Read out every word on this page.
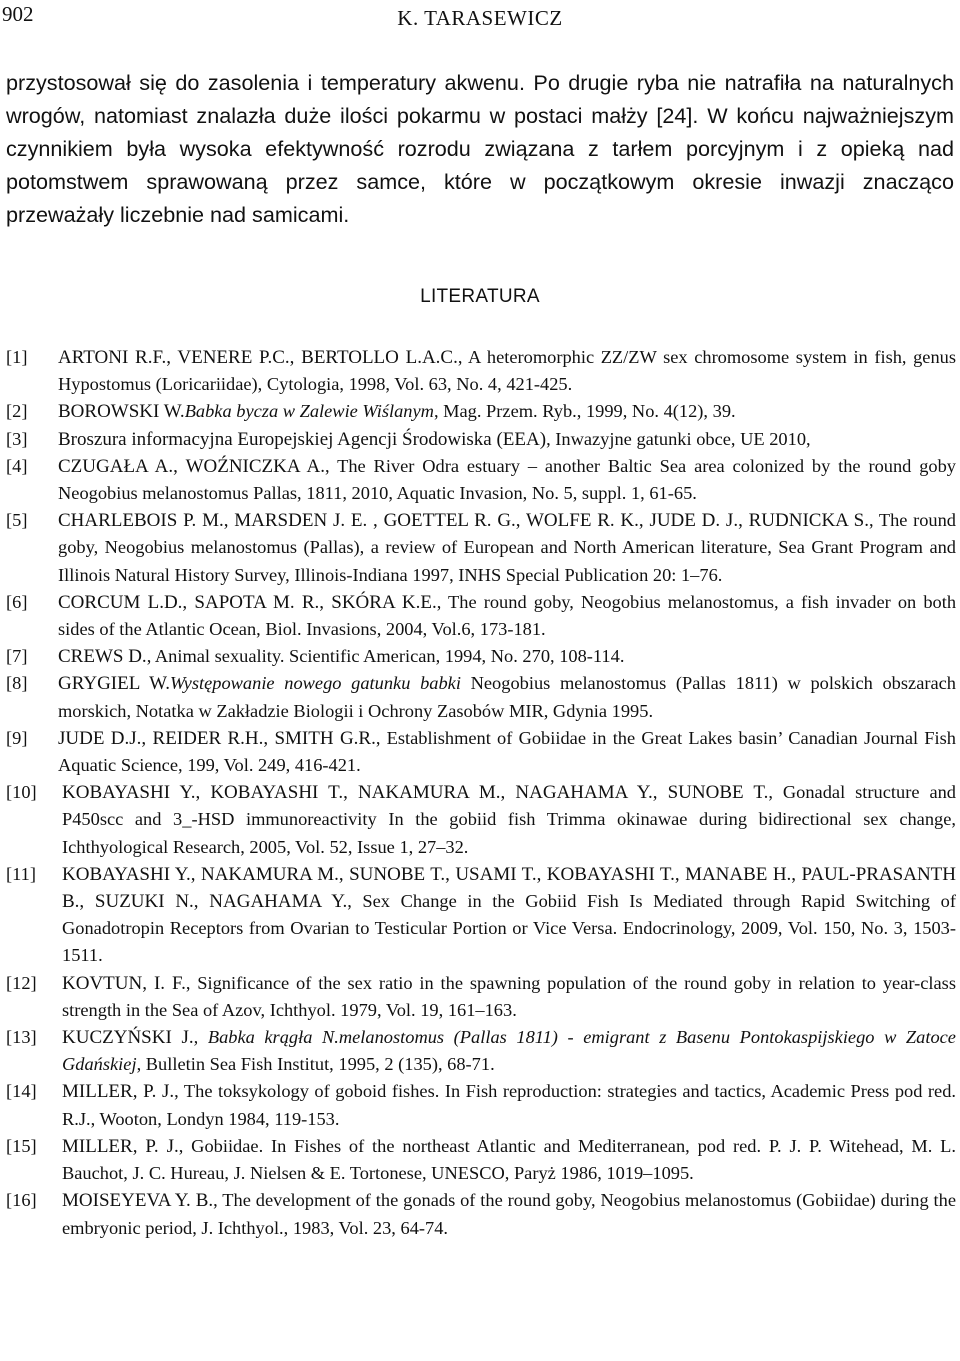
902	K. TARASEWICZ

przystosował się do zasolenia i temperatury akwenu. Po drugie ryba nie natrafiła na naturalnych wrogów, natomiast znalazła duże ilości pokarmu w postaci małży [24]. W końcu najważniejszym czynnikiem była wysoka efektywność rozrodu związana z tarłem porcyjnym i z opieką nad potomstwem sprawowaną przez samce, które w początkowym okresie inwazji znacząco przeważały liczebnie nad samicami.

LITERATURA
[1] ARTONI R.F., VENERE P.C., BERTOLLO L.A.C., A heteromorphic ZZ/ZW sex chromosome system in fish, genus Hypostomus (Loricariidae), Cytologia, 1998, Vol. 63, No. 4, 421-425.
[2] BOROWSKI W.Babka bycza w Zalewie Wiślanym, Mag. Przem. Ryb., 1999, No. 4(12), 39.
[3] Broszura informacyjna Europejskiej Agencji Środowiska (EEA), Inwazyjne gatunki obce, UE 2010,
[4] CZUGAŁA A., WOŹNICZKA A., The River Odra estuary – another Baltic Sea area colonized by the round goby Neogobius melanostomus Pallas, 1811, 2010, Aquatic Invasion, No. 5, suppl. 1, 61-65.
[5] CHARLEBOIS P. M., MARSDEN J. E. , GOETTEL R. G., WOLFE R. K., JUDE D. J., RUDNICKA S., The round goby, Neogobius melanostomus (Pallas), a review of European and North American literature, Sea Grant Program and Illinois Natural History Survey, Illinois-Indiana 1997, INHS Special Publication 20: 1–76.
[6] CORCUM L.D., SAPOTA M. R., SKÓRA K.E., The round goby, Neogobius melanostomus, a fish invader on both sides of the Atlantic Ocean, Biol. Invasions, 2004, Vol.6, 173-181.
[7] CREWS D., Animal sexuality. Scientific American, 1994, No. 270, 108-114.
[8] GRYGIEL W.Występowanie nowego gatunku babki Neogobius melanostomus (Pallas 1811) w polskich obszarach morskich, Notatka w Zakładzie Biologii i Ochrony Zasobów MIR, Gdynia 1995.
[9] JUDE D.J., REIDER R.H., SMITH G.R., Establishment of Gobiidae in the Great Lakes basin’ Canadian Journal Fish Aquatic Science, 199, Vol. 249, 416-421.
[10] KOBAYASHI Y., KOBAYASHI T., NAKAMURA M., NAGAHAMA Y., SUNOBE T., Gonadal structure and P450scc and 3_-HSD immunoreactivity In the gobiid fish Trimma okinawae during bidirectional sex change, Ichthyological Research, 2005, Vol. 52, Issue 1, 27–32.
[11] KOBAYASHI Y., NAKAMURA M., SUNOBE T., USAMI T., KOBAYASHI T., MANABE H., PAUL-PRASANTH B., SUZUKI N., NAGAHAMA Y., Sex Change in the Gobiid Fish Is Mediated through Rapid Switching of Gonadotropin Receptors from Ovarian to Testicular Portion or Vice Versa. Endocrinology, 2009, Vol. 150, No. 3, 1503-1511.
[12] KOVTUN, I. F., Significance of the sex ratio in the spawning population of the round goby in relation to year-class strength in the Sea of Azov, Ichthyol. 1979, Vol. 19, 161–163.
[13] KUCZYŃSKI J., Babka krągła N.melanostomus (Pallas 1811) - emigrant z Basenu Pontokaspijskiego w Zatoce Gdańskiej, Bulletin Sea Fish Institut, 1995, 2 (135), 68-71.
[14] MILLER, P. J., The toksykology of goboid fishes. In Fish reproduction: strategies and tactics, Academic Press pod red. R.J., Wooton, Londyn 1984, 119-153.
[15] MILLER, P. J., Gobiidae. In Fishes of the northeast Atlantic and Mediterranean, pod red. P. J. P. Witehead, M. L. Bauchot, J. C. Hureau, J. Nielsen & E. Tortonese, UNESCO, Paryż 1986, 1019–1095.
[16] MOISEYEVA Y. B., The development of the gonads of the round goby, Neogobius melanostomus (Gobiidae) during the embryonic period, J. Ichthyol., 1983, Vol. 23, 64-74.
